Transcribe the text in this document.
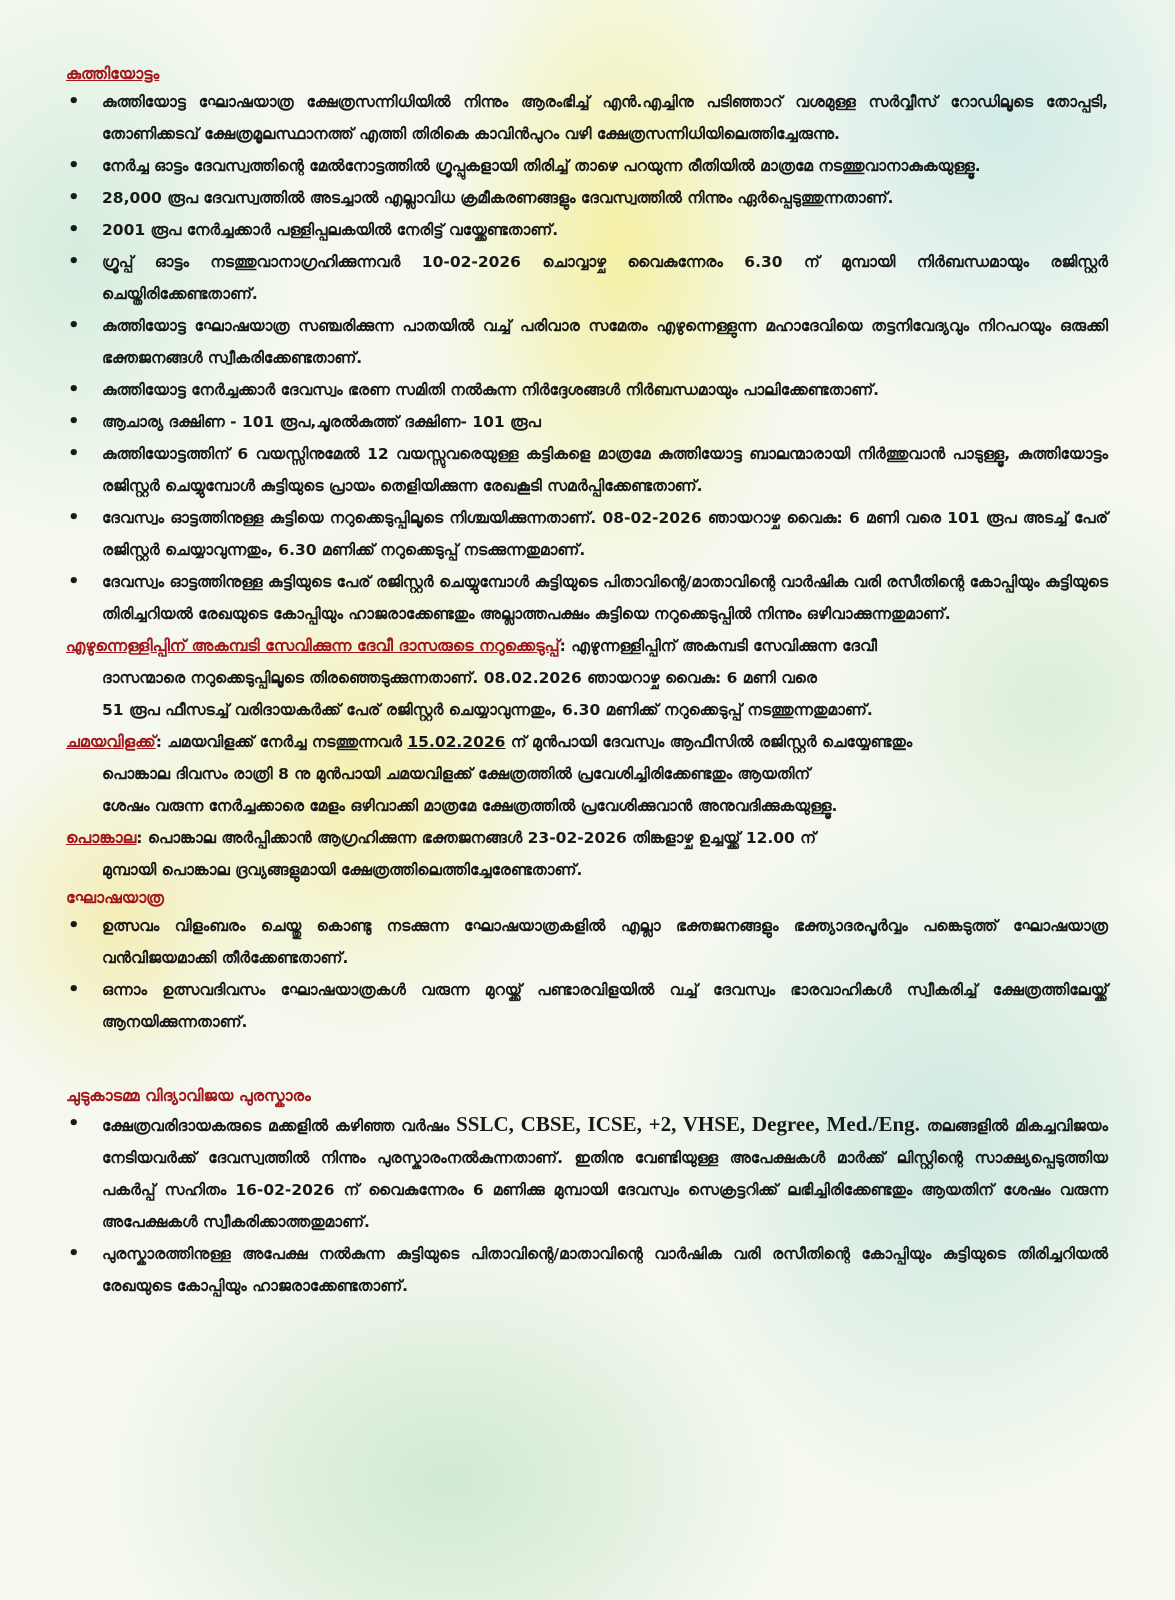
കുത്തിയോട്ടം
• കുത്തിയോട്ട ഘോഷയാത്ര ക്ഷേത്രസന്നിധിയിൽ നിന്നും ആരംഭിച്ച് എൻ.എച്ചിനു പടിഞ്ഞാറ് വശമുള്ള സർവ്വീസ് റോഡിലൂടെ തോപ്പടി, തോണിക്കടവ് ക്ഷേത്രമൂലസ്ഥാനത്ത് എത്തി തിരികെ കാവിൻപുറം വഴി ക്ഷേത്രസന്നിധിയിലെത്തിച്ചേരുന്നു.
• നേർച്ച ഓട്ടം ദേവസ്വത്തിന്റെ മേൽനോട്ടത്തിൽ ഗ്രൂപ്പുകളായി തിരിച്ച് താഴെ പറയുന്ന രീതിയിൽ മാത്രമേ നടത്തുവാനാകുകയുള്ളൂ.
• 28,000 രൂപ ദേവസ്വത്തിൽ അടച്ചാൽ എല്ലാവിധ ക്രമീകരണങ്ങളും ദേവസ്വത്തിൽ നിന്നും ഏർപ്പെടുത്തുന്നതാണ്.
• 2001 രൂപ നേർച്ചക്കാർ പള്ളിപ്പലകയിൽ നേരിട്ട് വയ്ക്കേണ്ടതാണ്.
• ഗ്രൂപ്പ് ഓട്ടം നടത്തുവാനാഗ്രഹിക്കുന്നവർ 10-02-2026 ചൊവ്വാഴ്ച വൈകുന്നേരം 6.30 ന് മുമ്പായി നിർബന്ധമായും രജിസ്റ്റർ ചെയ്തിരിക്കേണ്ടതാണ്.
• കുത്തിയോട്ട ഘോഷയാത്ര സഞ്ചരിക്കുന്ന പാതയിൽ വച്ച് പരിവാര സമേതം എഴുന്നെള്ളുന്ന മഹാദേവിയെ തട്ടനിവേദ്യവും നിറപറയും ഒരുക്കി ഭക്തജനങ്ങൾ സ്വീകരിക്കേണ്ടതാണ്.
• കുത്തിയോട്ട നേർച്ചക്കാർ ദേവസ്വം ഭരണ സമിതി നൽകുന്ന നിർദ്ദേശങ്ങൾ നിർബന്ധമായും പാലിക്കേണ്ടതാണ്.
• ആചാര്യ ദക്ഷിണ - 101 രൂപ,ചൂരൽകുത്ത് ദക്ഷിണ- 101 രൂപ
• കുത്തിയോട്ടത്തിന് 6 വയസ്സിനുമേൽ 12 വയസ്സുവരെയുള്ള കട്ടികളെ മാത്രമേ കുത്തിയോട്ട ബാലന്മാരായി നിർത്തുവാൻ പാടുള്ളൂ, കുത്തിയോട്ടം രജിസ്റ്റർ ചെയ്യുമ്പോൾ കുട്ടിയുടെ പ്രായം തെളിയിക്കുന്ന രേഖകൂടി സമർപ്പിക്കേണ്ടതാണ്.
• ദേവസ്വം ഓട്ടത്തിനുള്ള കുട്ടിയെ നറുക്കെടുപ്പിലൂടെ നിശ്ചയിക്കുന്നതാണ്. 08-02-2026 ഞായറാഴ്ച വൈകു: 6 മണി വരെ 101 രൂപ അടച്ച് പേര് രജിസ്റ്റർ ചെയ്യാവുന്നതും, 6.30 മണിക്ക് നറുക്കെടുപ്പ് നടക്കുന്നതുമാണ്.
• ദേവസ്വം ഓട്ടത്തിനുള്ള കുട്ടിയുടെ പേര് രജിസ്റ്റർ ചെയ്യുമ്പോൾ കുട്ടിയുടെ പിതാവിന്റെ/മാതാവിന്റെ വാർഷിക വരി രസീതിന്റെ കോപ്പിയും കുട്ടിയുടെ തിരിച്ചറിയൽ രേഖയുടെ കോപ്പിയും ഹാജരാക്കേണ്ടതും അല്ലാത്തപക്ഷം കുട്ടിയെ നറുക്കെടുപ്പിൽ നിന്നും ഒഴിവാക്കുന്നതുമാണ്.
എഴുന്നെള്ളിപ്പിന് അകമ്പടി സേവിക്കുന്ന ദേവീ ദാസരുടെ നറുക്കെടുപ്പ്: എഴുന്നള്ളിപ്പിന് അകമ്പടി സേവിക്കുന്ന ദേവീ
ദാസന്മാരെ നറുക്കെടുപ്പിലൂടെ തിരഞ്ഞെടുക്കുന്നതാണ്. 08.02.2026 ഞായറാഴ്ച വൈകു: 6 മണി വരെ
51 രൂപ ഫീസടച്ച് വരിദായകർക്ക് പേര് രജിസ്റ്റർ ചെയ്യാവുന്നതും, 6.30 മണിക്ക് നറുക്കെടുപ്പ് നടത്തുന്നതുമാണ്.
ചമയവിളക്ക്: ചമയവിളക്ക് നേർച്ച നടത്തുന്നവർ 15.02.2026 ന് മുൻപായി ദേവസ്വം ആഫീസിൽ രജിസ്റ്റർ ചെയ്യേണ്ടതും
പൊങ്കാല ദിവസം രാത്രി 8 നു മുൻപായി ചമയവിളക്ക് ക്ഷേത്രത്തിൽ പ്രവേശിച്ചിരിക്കേണ്ടതും ആയതിന്
ശേഷം വരുന്ന നേർച്ചക്കാരെ മേളം ഒഴിവാക്കി മാത്രമേ ക്ഷേത്രത്തിൽ പ്രവേശിക്കുവാൻ അനുവദിക്കുകയുള്ളൂ.
പൊങ്കാല: പൊങ്കാല അർപ്പിക്കാൻ ആഗ്രഹിക്കുന്ന ഭക്തജനങ്ങൾ 23-02-2026 തിങ്കളാഴ്ച ഉച്ചയ്ക്ക് 12.00 ന്
മുമ്പായി പൊങ്കാല ദ്രവ്യങ്ങളുമായി ക്ഷേത്രത്തിലെത്തിച്ചേരേണ്ടതാണ്.
ഘോഷയാത്ര
• ഉത്സവം വിളംബരം ചെയ്തു കൊണ്ടു നടക്കുന്ന ഘോഷയാത്രകളിൽ എല്ലാ ഭക്തജനങ്ങളും ഭക്ത്യാദരപൂർവ്വം പങ്കെടുത്ത് ഘോഷയാത്ര വൻവിജയമാക്കി തീർക്കേണ്ടതാണ്.
• ഒന്നാം ഉത്സവദിവസം ഘോഷയാത്രകൾ വരുന്ന മുറയ്ക്ക് പണ്ടാരവിളയിൽ വച്ച് ദേവസ്വം ഭാരവാഹികൾ സ്വീകരിച്ച് ക്ഷേത്രത്തിലേയ്ക്ക് ആനയിക്കുന്നതാണ്.
ചുടുകാടമ്മ വിദ്യാവിജയ പുരസ്കാരം
• ക്ഷേത്രവരിദായകരുടെ മക്കളിൽ കഴിഞ്ഞ വർഷം SSLC, CBSE, ICSE, +2, VHSE, Degree, Med./Eng. തലങ്ങളിൽ മികച്ചവിജയം നേടിയവർക്ക് ദേവസ്വത്തിൽ നിന്നും പുരസ്കാരംനൽകുന്നതാണ്. ഇതിനു വേണ്ടിയുള്ള അപേക്ഷകൾ മാർക്ക് ലിസ്റ്റിന്റെ സാക്ഷ്യപ്പെടുത്തിയ പകർപ്പ് സഹിതം 16-02-2026 ന് വൈകുന്നേരം 6 മണിക്കു മുമ്പായി ദേവസ്വം സെക്രട്ടറിക്ക് ലഭിച്ചിരിക്കേണ്ടതും ആയതിന് ശേഷം വരുന്ന അപേക്ഷകൾ സ്വീകരിക്കാത്തതുമാണ്.
• പുരസ്കാരത്തിനുള്ള അപേക്ഷ നൽകുന്ന കുട്ടിയുടെ പിതാവിന്റെ/മാതാവിന്റെ വാർഷിക വരി രസീതിന്റെ കോപ്പിയും കുട്ടിയുടെ തിരിച്ചറിയൽ രേഖയുടെ കോപ്പിയും ഹാജരാക്കേണ്ടതാണ്.
